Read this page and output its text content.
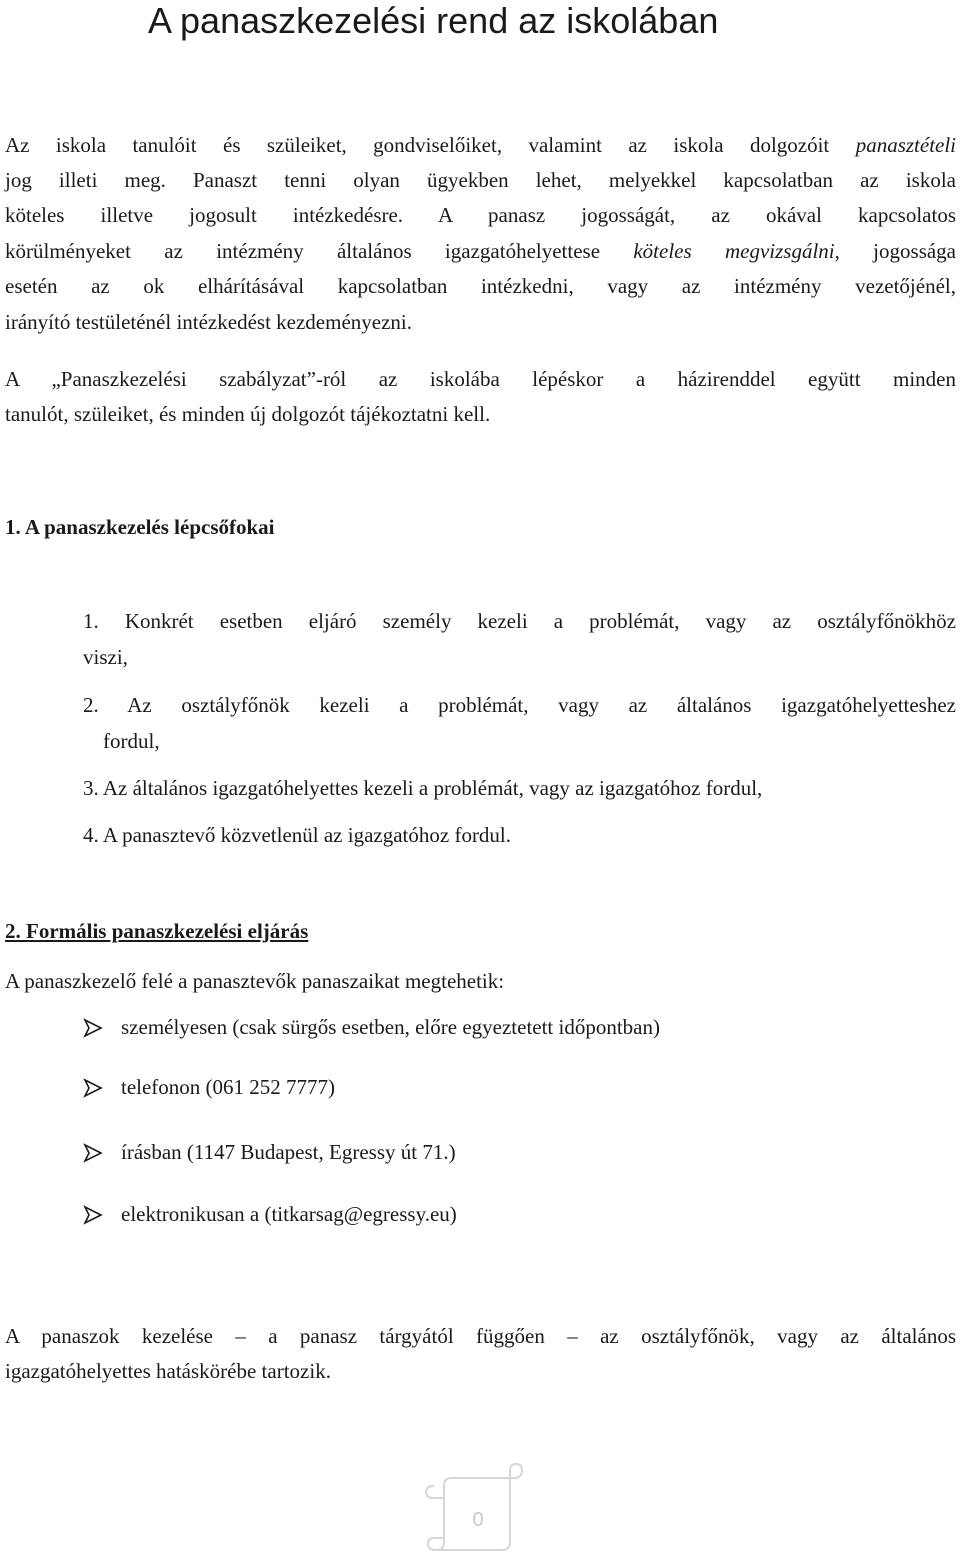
A panaszkezelési rend az iskolában
Az iskola tanulóit és szüleiket, gondviselőiket, valamint az iskola dolgozóit panasztételi
jog illeti meg. Panaszt tenni olyan ügyekben lehet, melyekkel kapcsolatban az iskola
köteles illetve jogosult intézkedésre. A panasz jogosságát, az okával kapcsolatos
körülményeket az intézmény általános igazgatóhelyettese köteles megvizsgálni, jogossága
esetén az ok elhárításával kapcsolatban intézkedni, vagy az intézmény vezetőjénél,
irányító testületénél intézkedést kezdeményezni.
A „Panaszkezelési szabályzat”-ról az iskolába lépéskor a házirenddel együtt minden
tanulót, szüleiket, és minden új dolgozót tájékoztatni kell.
1. A panaszkezelés lépcsőfokai
1. Konkrét esetben eljáró személy kezeli a problémát, vagy az osztályfőnökhöz
viszi,
2. Az osztályfőnök kezeli a problémát, vagy az általános igazgatóhelyetteshez
fordul,
3. Az általános igazgatóhelyettes kezeli a problémát, vagy az igazgatóhoz fordul,
4. A panasztevő közvetlenül az igazgatóhoz fordul.
2. Formális panaszkezelési eljárás
A panaszkezelő felé a panasztevők panaszaikat megtehetik:
személyesen (csak sürgős esetben, előre egyeztetett időpontban)
telefonon (061 252 7777)
írásban (1147 Budapest, Egressy út 71.)
elektronikusan a (titkarsag@egressy.eu)
A panaszok kezelése – a panasz tárgyától függően – az osztályfőnök, vagy az általános
igazgatóhelyettes hatáskörébe tartozik.
0
